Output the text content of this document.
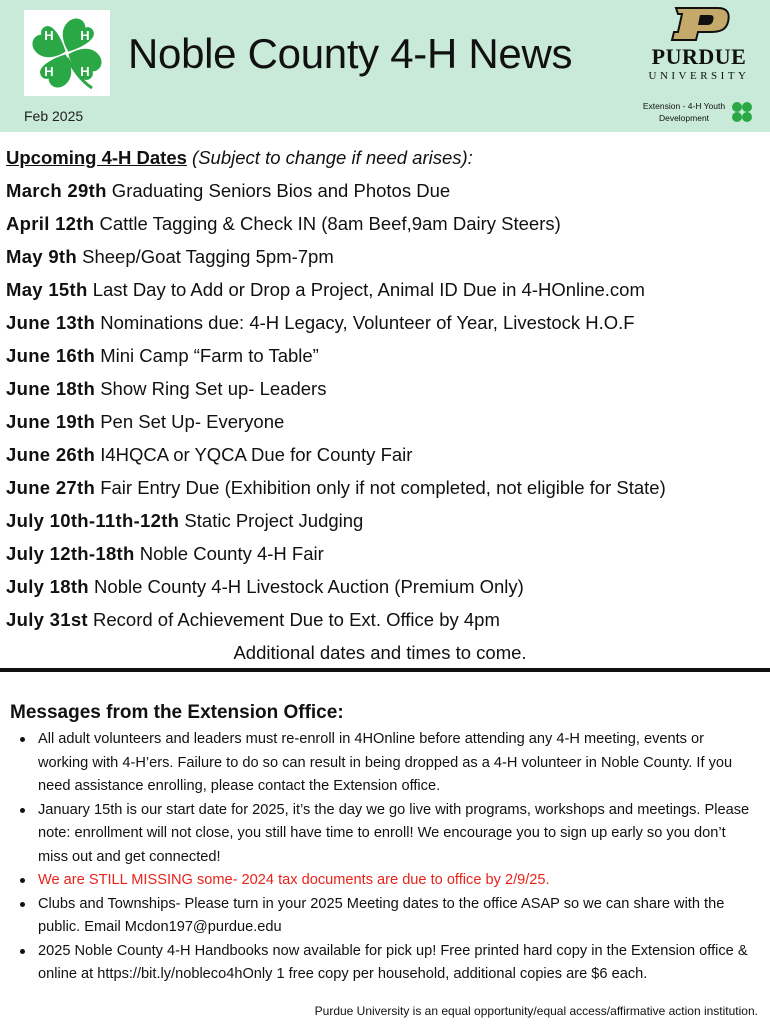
H H
H H Noble County 4-H News
Feb 2025
PURDUE
UNIVERSITY
Extension - 4-H Youth
Development
Upcoming 4-H Dates (Subject to change if need arises):
March 29th Graduating Seniors Bios and Photos Due
April 12th Cattle Tagging & Check IN (8am Beef,9am Dairy Steers)
May 9th Sheep/Goat Tagging 5pm-7pm
May 15th Last Day to Add or Drop a Project, Animal ID Due in 4-HOnline.com
June 13th Nominations due: 4-H Legacy, Volunteer of Year, Livestock H.O.F
June 16th Mini Camp “Farm to Table”
June 18th Show Ring Set up- Leaders
June 19th Pen Set Up- Everyone
June 26th I4HQCA or YQCA Due for County Fair
June 27th Fair Entry Due (Exhibition only if not completed, not eligible for State)
July 10th-11th-12th Static Project Judging
July 12th-18th Noble County 4-H Fair
July 18th Noble County 4-H Livestock Auction (Premium Only)
July 31st Record of Achievement Due to Ext. Office by 4pm
Additional dates and times to come.
Messages from the Extension Office:
All adult volunteers and leaders must re-enroll in 4HOnline before attending any 4-H meeting, events or working with 4-H’ers. Failure to do so can result in being dropped as a 4-H volunteer in Noble County. If you need assistance enrolling, please contact the Extension office.
January 15th is our start date for 2025, it’s the day we go live with programs, workshops and meetings. Please note: enrollment will not close, you still have time to enroll! We encourage you to sign up early so you don’t miss out and get connected!
We are STILL MISSING some- 2024 tax documents are due to office by 2/9/25.
Clubs and Townships- Please turn in your 2025 Meeting dates to the office ASAP so we can share with the public. Email Mcdon197@purdue.edu
2025 Noble County 4-H Handbooks now available for pick up! Free printed hard copy in the Extension office & online at https://bit.ly/nobleco4hOnly 1 free copy per household, additional copies are $6 each.
Purdue University is an equal opportunity/equal access/affirmative action institution.
